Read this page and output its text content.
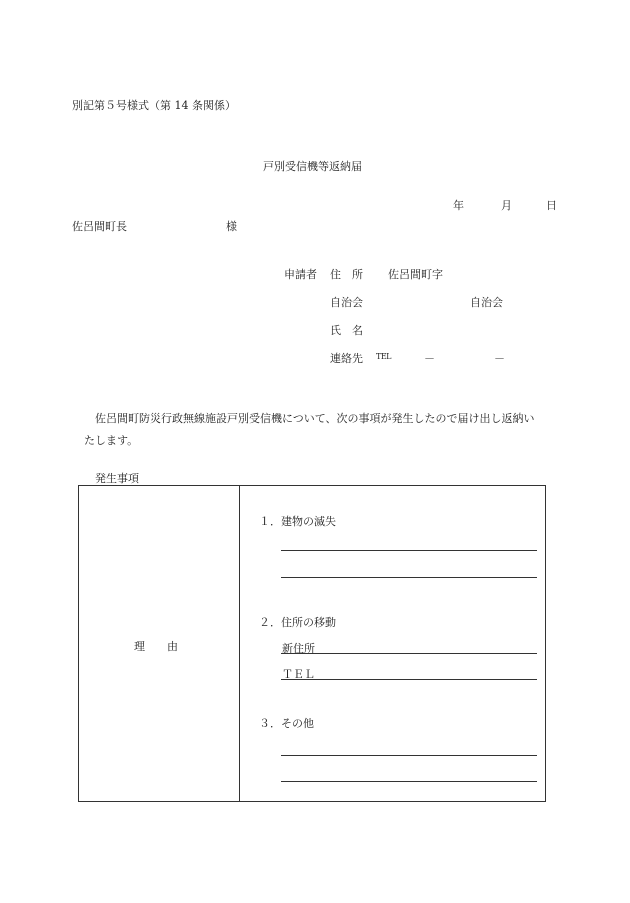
別記第５号様式（第 14 条関係）
戸別受信機等返納届
年	月	日
佐呂間町長	様
申請者 住　所 佐呂間町字
自治会	自治会
氏　名
連絡先 TEL	－	－
佐呂間町防災行政無線施設戸別受信機について、次の事項が発生したので届け出し返納い
たします。
発生事項
理　　由
１．建物の滅失
２．住所の移動
新住所
ＴＥＬ
３．その他
